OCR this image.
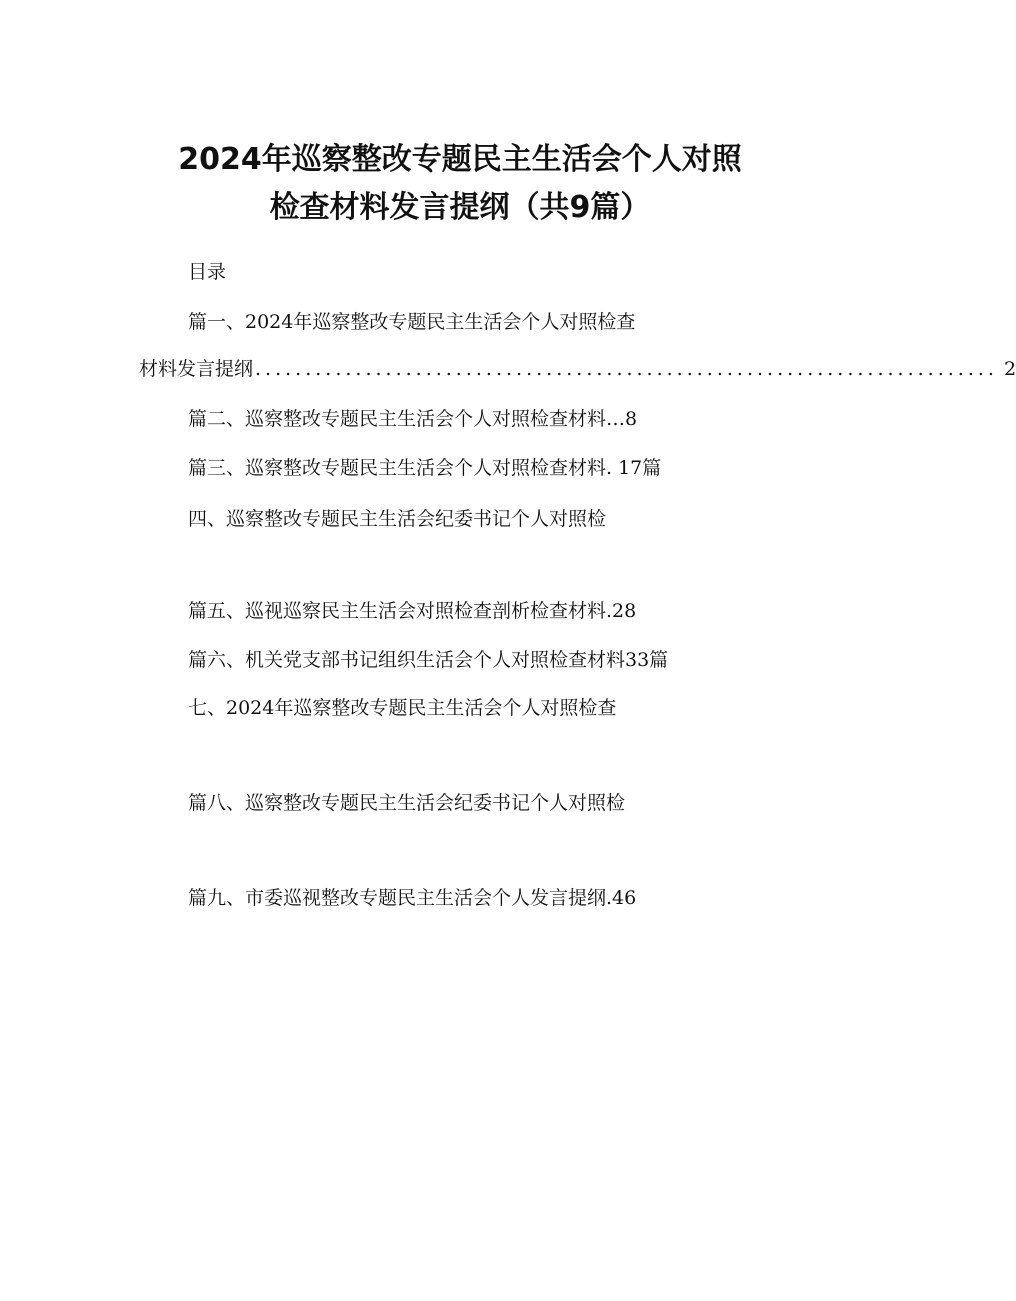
2024年巡察整改专题民主生活会个人对照
检查材料发言提纲（共9篇）
目录
篇一、2024年巡察整改专题民主生活会个人对照检查
材料发言提纲 .......................................................................... 2
篇二、巡察整改专题民主生活会个人对照检查材料…8
篇三、巡察整改专题民主生活会个人对照检查材料. 17篇
四、巡察整改专题民主生活会纪委书记个人对照检
篇五、巡视巡察民主生活会对照检查剖析检查材料.28
篇六、机关党支部书记组织生活会个人对照检查材料33篇
七、2024年巡察整改专题民主生活会个人对照检查
篇八、巡察整改专题民主生活会纪委书记个人对照检
篇九、市委巡视整改专题民主生活会个人发言提纲.46
